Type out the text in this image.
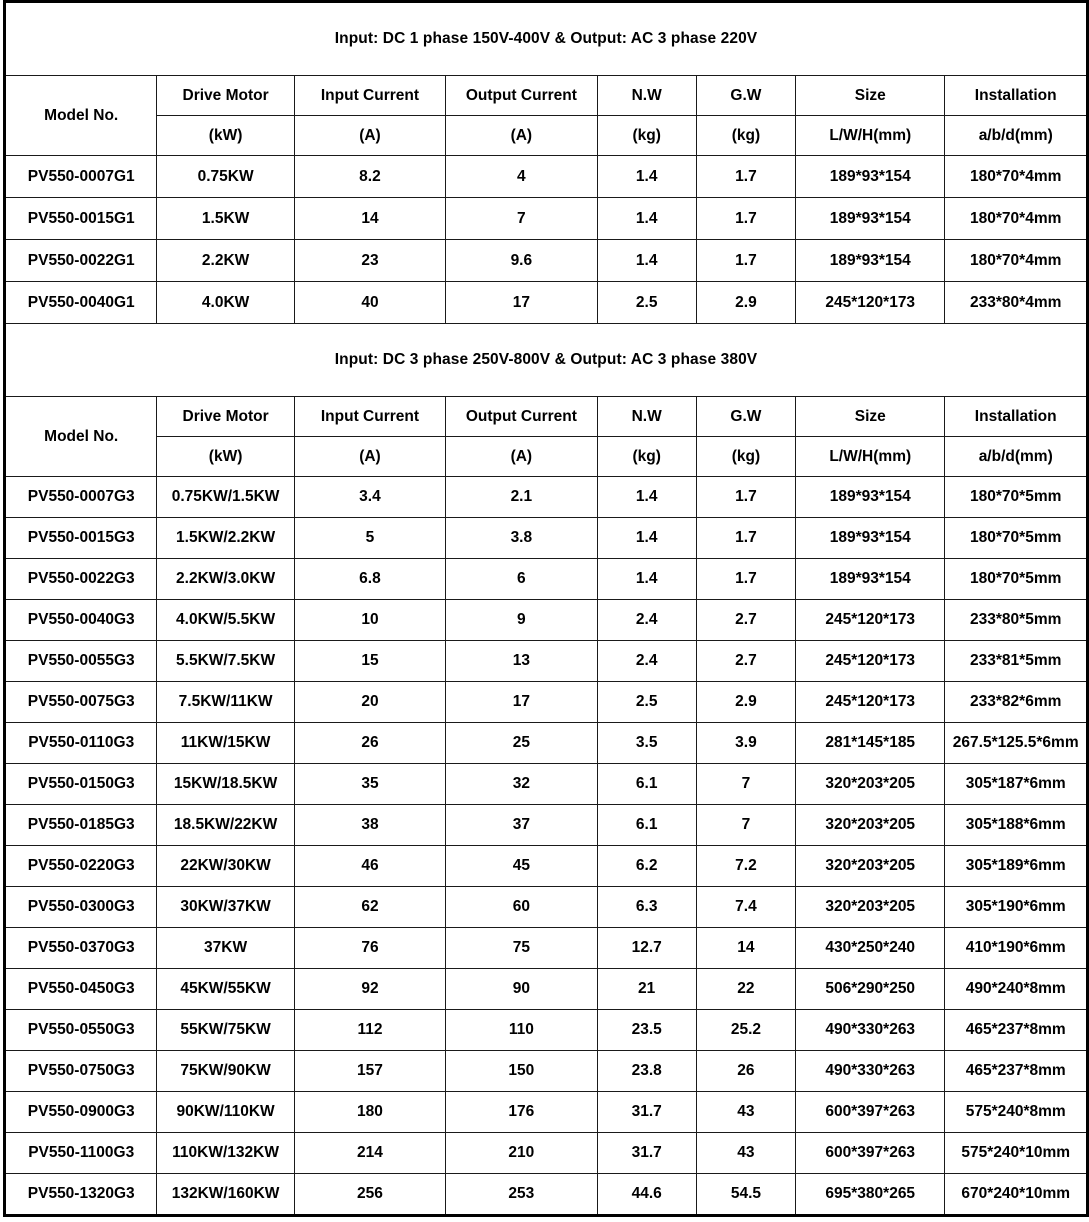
Input: DC 1 phase 150V-400V & Output: AC 3 phase 220V							
Model No.	Drive Motor	Input Current	Output Current	N.W	G.W	Size	Installation
	(kW)	(A)	(A)	(kg)	(kg)	L/W/H(mm)	a/b/d(mm)
PV550-0007G1	0.75KW	8.2	4	1.4	1.7	189*93*154	180*70*4mm
PV550-0015G1	1.5KW	14	7	1.4	1.7	189*93*154	180*70*4mm
PV550-0022G1	2.2KW	23	9.6	1.4	1.7	189*93*154	180*70*4mm
PV550-0040G1	4.0KW	40	17	2.5	2.9	245*120*173	233*80*4mm
Input: DC 3 phase 250V-800V & Output: AC 3 phase 380V							
Model No.	Drive Motor	Input Current	Output Current	N.W	G.W	Size	Installation
	(kW)	(A)	(A)	(kg)	(kg)	L/W/H(mm)	a/b/d(mm)
PV550-0007G3	0.75KW/1.5KW	3.4	2.1	1.4	1.7	189*93*154	180*70*5mm
PV550-0015G3	1.5KW/2.2KW	5	3.8	1.4	1.7	189*93*154	180*70*5mm
PV550-0022G3	2.2KW/3.0KW	6.8	6	1.4	1.7	189*93*154	180*70*5mm
PV550-0040G3	4.0KW/5.5KW	10	9	2.4	2.7	245*120*173	233*80*5mm
PV550-0055G3	5.5KW/7.5KW	15	13	2.4	2.7	245*120*173	233*81*5mm
PV550-0075G3	7.5KW/11KW	20	17	2.5	2.9	245*120*173	233*82*6mm
PV550-0110G3	11KW/15KW	26	25	3.5	3.9	281*145*185	267.5*125.5*6mm
PV550-0150G3	15KW/18.5KW	35	32	6.1	7	320*203*205	305*187*6mm
PV550-0185G3	18.5KW/22KW	38	37	6.1	7	320*203*205	305*188*6mm
PV550-0220G3	22KW/30KW	46	45	6.2	7.2	320*203*205	305*189*6mm
PV550-0300G3	30KW/37KW	62	60	6.3	7.4	320*203*205	305*190*6mm
PV550-0370G3	37KW	76	75	12.7	14	430*250*240	410*190*6mm
PV550-0450G3	45KW/55KW	92	90	21	22	506*290*250	490*240*8mm
PV550-0550G3	55KW/75KW	112	110	23.5	25.2	490*330*263	465*237*8mm
PV550-0750G3	75KW/90KW	157	150	23.8	26	490*330*263	465*237*8mm
PV550-0900G3	90KW/110KW	180	176	31.7	43	600*397*263	575*240*8mm
PV550-1100G3	110KW/132KW	214	210	31.7	43	600*397*263	575*240*10mm
PV550-1320G3	132KW/160KW	256	253	44.6	54.5	695*380*265	670*240*10mm
